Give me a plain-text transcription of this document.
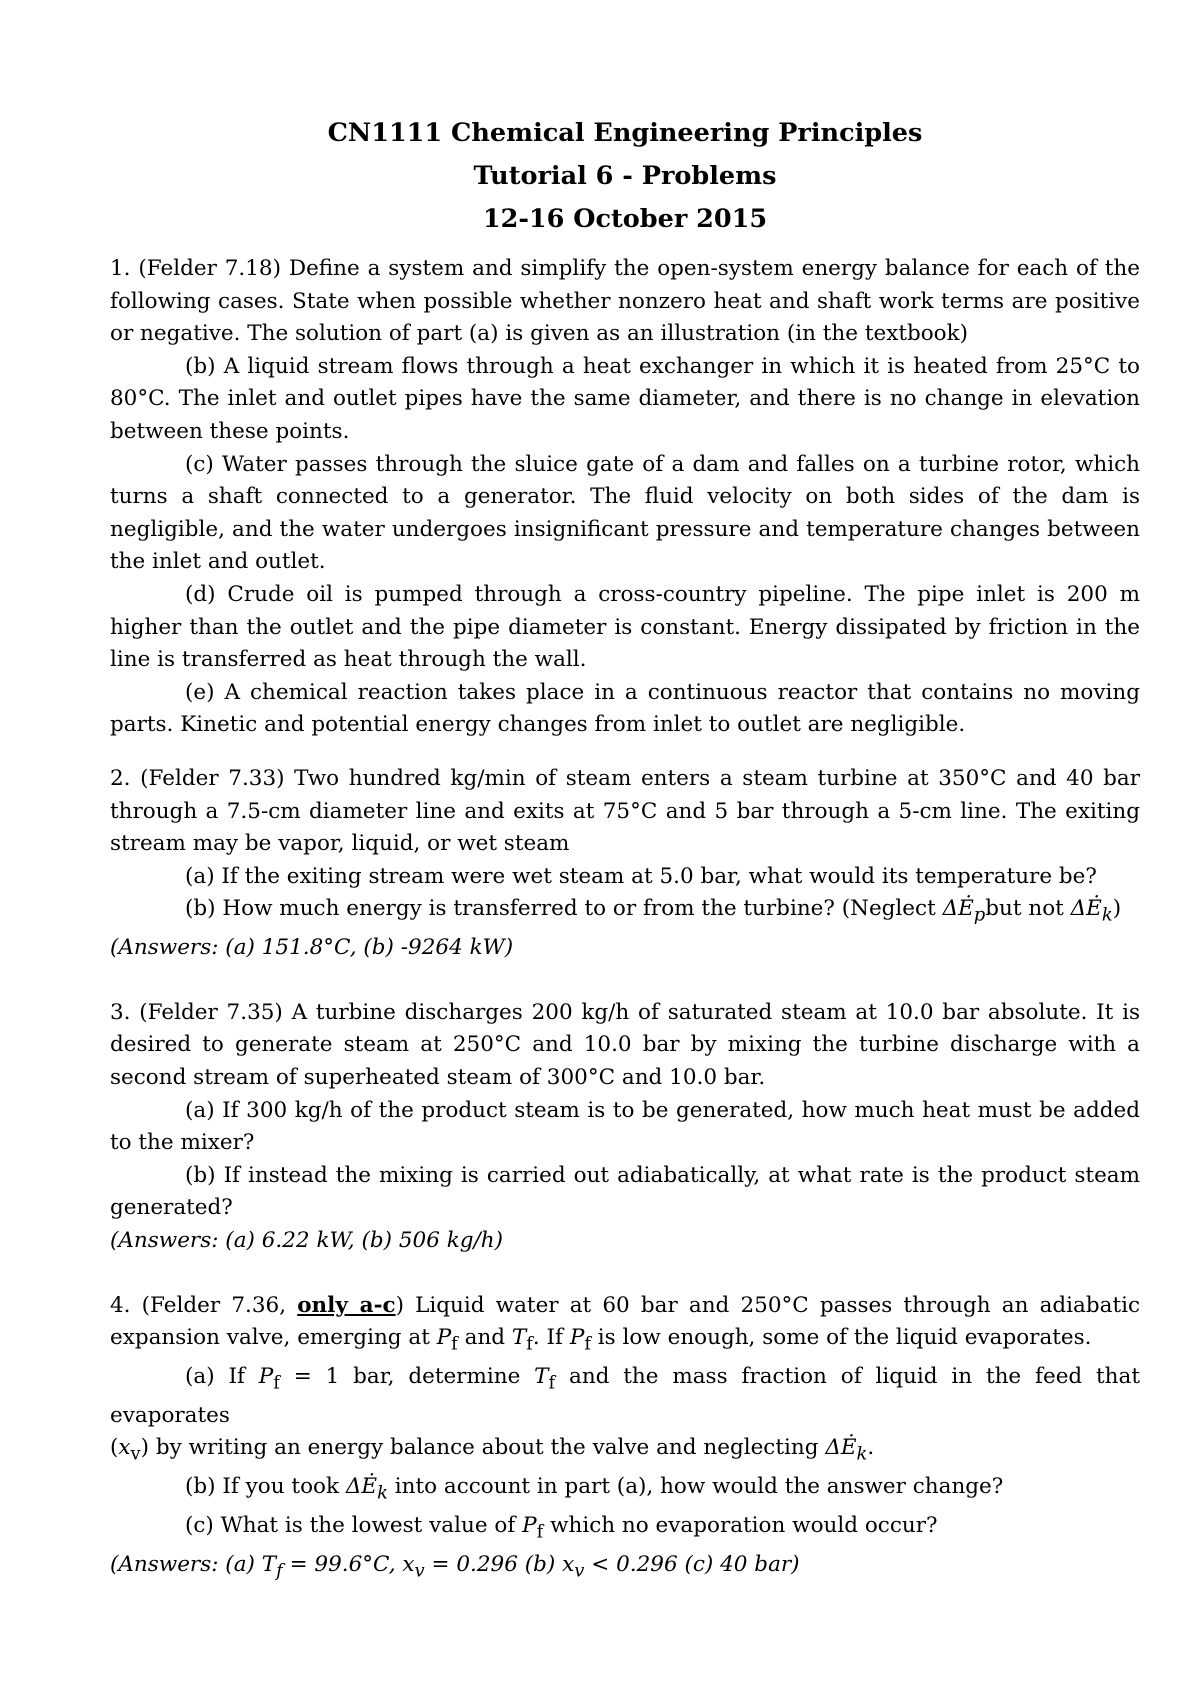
CN1111 Chemical Engineering Principles
Tutorial 6 - Problems
12-16 October 2015

1. (Felder 7.18) Define a system and simplify the open-system energy balance for each of the following cases. State when possible whether nonzero heat and shaft work terms are positive or negative. The solution of part (a) is given as an illustration (in the textbook)

(b) A liquid stream flows through a heat exchanger in which it is heated from 25°C to 80°C. The inlet and outlet pipes have the same diameter, and there is no change in elevation between these points.

(c) Water passes through the sluice gate of a dam and falles on a turbine rotor, which turns a shaft connected to a generator. The fluid velocity on both sides of the dam is negligible, and the water undergoes insignificant pressure and temperature changes between the inlet and outlet.

(d) Crude oil is pumped through a cross-country pipeline. The pipe inlet is 200 m higher than the outlet and the pipe diameter is constant. Energy dissipated by friction in the line is transferred as heat through the wall.

(e) A chemical reaction takes place in a continuous reactor that contains no moving parts. Kinetic and potential energy changes from inlet to outlet are negligible.

2. (Felder 7.33) Two hundred kg/min of steam enters a steam turbine at 350°C and 40 bar through a 7.5-cm diameter line and exits at 75°C and 5 bar through a 5-cm line. The exiting stream may be vapor, liquid, or wet steam

(a) If the exiting stream were wet steam at 5.0 bar, what would its temperature be?

(b) How much energy is transferred to or from the turbine? (Neglect $\Delta Ė_pbut$ not $\Delta Ė_k$)

(Answers: (a) 151.8°C, (b) -9264 kW)

3. (Felder 7.35) A turbine discharges 200 kg/h of saturated steam at 10.0 bar absolute. It is desired to generate steam at 250°C and 10.0 bar by mixing the turbine discharge with a second stream of superheated steam of 300°C and 10.0 bar.

(a) If 300 kg/h of the product steam is to be generated, how much heat must be added to the mixer?

(b) If instead the mixing is carried out adiabatically, at what rate is the product steam generated?

(Answers: (a) 6.22 kW, (b) 506 kg/h)

4. (Felder 7.36, only a-c) Liquid water at 60 bar and 250°C passes through an adiabatic expansion valve, emerging at $P_f$ and $T_f$. If $P_f$ is low enough, some of the liquid evaporates.

(a) If $P_f = 1$ bar, determine $T_f$ and the mass fraction of liquid in the feed that evaporates

$(x_v)$ by writing an energy balance about the valve and neglecting $\Delta Ė_k$.

(b) If you took $\Delta Ė_k$ into account in part (a), how would the answer change?

(c) What is the lowest value of $P_f$ which no evaporation would occur?

(Answers: (a) $T_f = 99.6^\circ C$, $x_v = 0.296$ (b) $x_v < 0.296$ (c) 40 bar)
